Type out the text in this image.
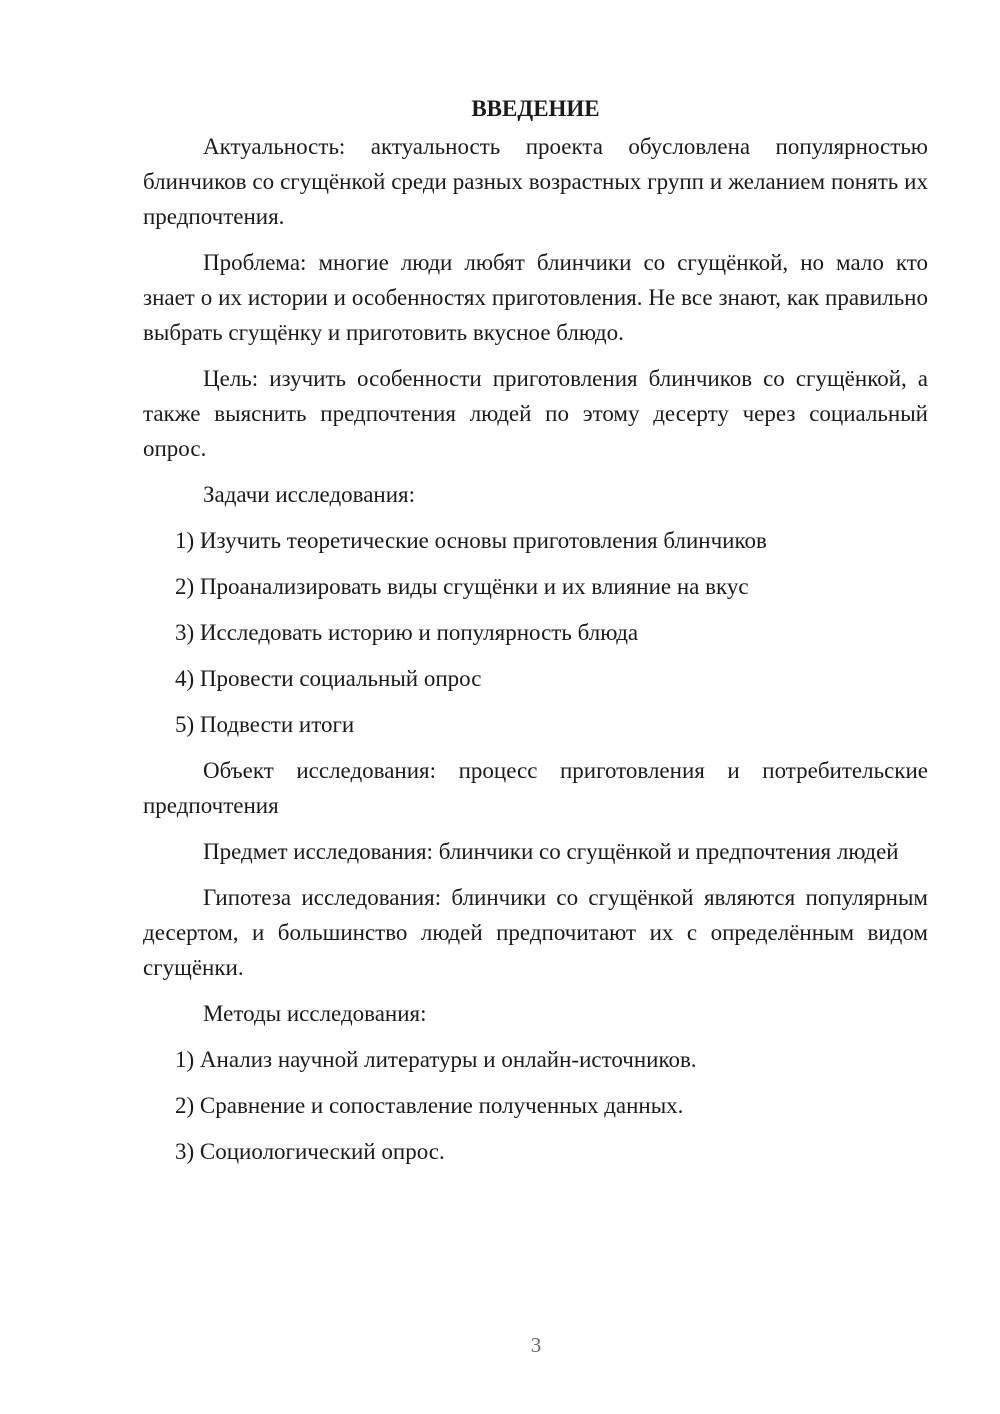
ВВЕДЕНИЕ

Актуальность: актуальность проекта обусловлена популярностью блинчиков со сгущёнкой среди разных возрастных групп и желанием понять их предпочтения.

Проблема: многие люди любят блинчики со сгущёнкой, но мало кто знает о их истории и особенностях приготовления. Не все знают, как правильно выбрать сгущёнку и приготовить вкусное блюдо.

Цель: изучить особенности приготовления блинчиков со сгущёнкой, а также выяснить предпочтения людей по этому десерту через социальный опрос.

Задачи исследования:

1) Изучить теоретические основы приготовления блинчиков
2) Проанализировать виды сгущёнки и их влияние на вкус
3) Исследовать историю и популярность блюда
4) Провести социальный опрос
5) Подвести итоги

Объект исследования: процесс приготовления и потребительские предпочтения

Предмет исследования: блинчики со сгущёнкой и предпочтения людей

Гипотеза исследования: блинчики со сгущёнкой являются популярным десертом, и большинство людей предпочитают их с определённым видом сгущёнки.

Методы исследования:

1) Анализ научной литературы и онлайн-источников.
2) Сравнение и сопоставление полученных данных.
3) Социологический опрос.
3
